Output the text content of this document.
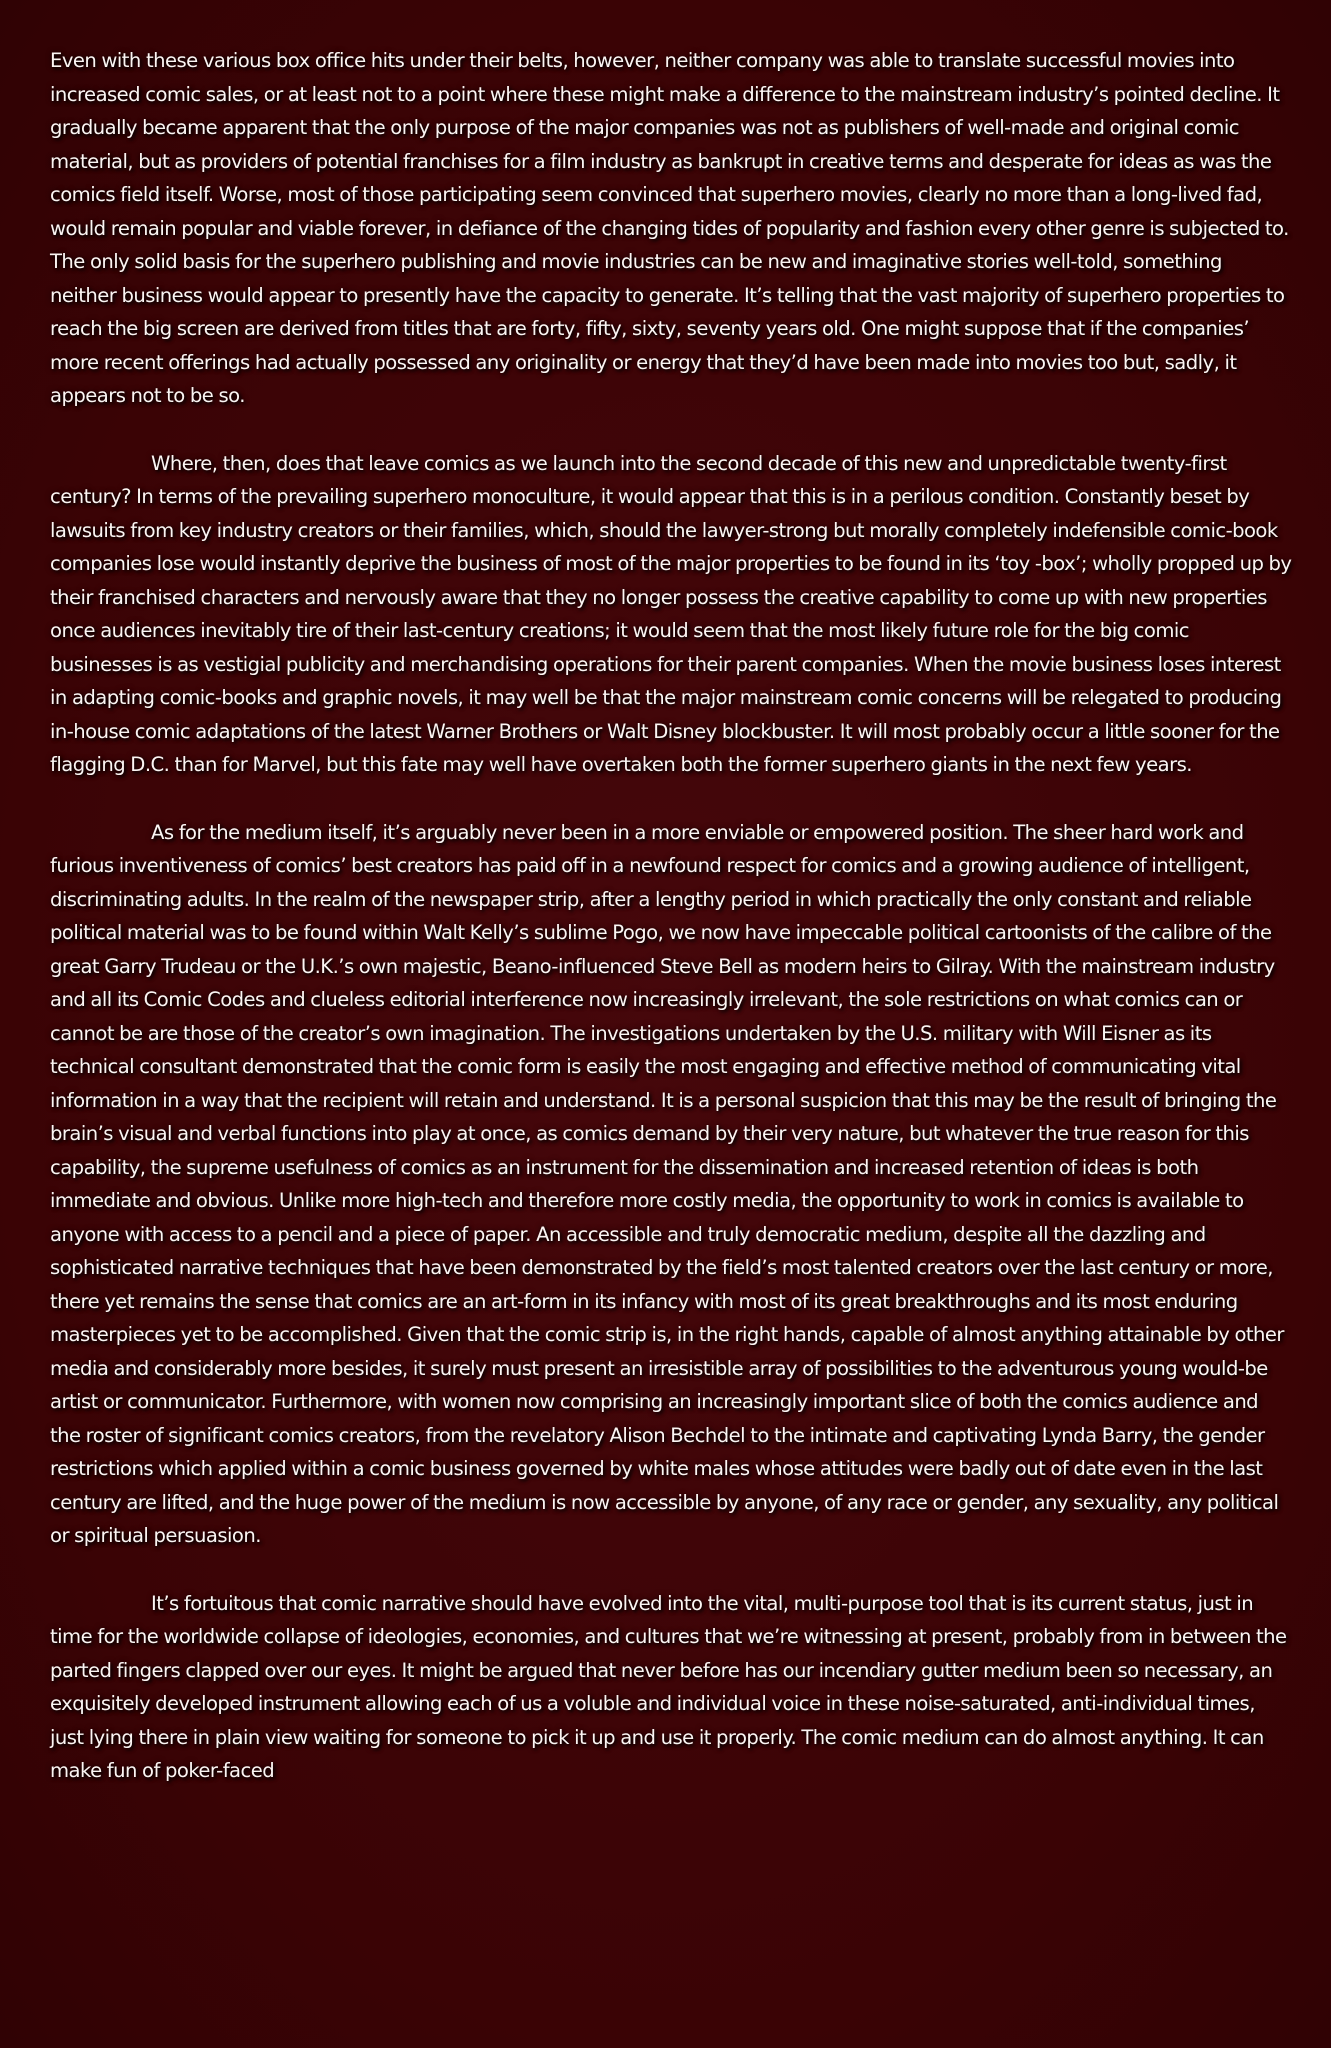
Even with these various box office hits under their belts, however, neither company was able to translate successful movies into increased comic sales, or at least not to a point where these might make a difference to the mainstream industry’s pointed decline. It gradually became apparent that the only purpose of the major companies was not as publishers of well-made and original comic material, but as providers of potential franchises for a film industry as bankrupt in creative terms and desperate for ideas as was the comics field itself. Worse, most of those participating seem convinced that superhero movies, clearly no more than a long-lived fad, would remain popular and viable forever, in defiance of the changing tides of popularity and fashion every other genre is subjected to. The only solid basis for the superhero publishing and movie industries can be new and imaginative stories well-told, something neither business would appear to presently have the capacity to generate. It’s telling that the vast majority of superhero properties to reach the big screen are derived from titles that are forty, fifty, sixty, seventy years old. One might suppose that if the companies’ more recent offerings had actually possessed any originality or energy that they’d have been made into movies too but, sadly, it appears not to be so.

Where, then, does that leave comics as we launch into the second decade of this new and unpredictable twenty-first century? In terms of the prevailing superhero monoculture, it would appear that this is in a perilous condition. Constantly beset by lawsuits from key industry creators or their families, which, should the lawyer-strong but morally completely indefensible comic-book companies lose would instantly deprive the business of most of the major properties to be found in its ‘toy -box’; wholly propped up by their franchised characters and nervously aware that they no longer possess the creative capability to come up with new properties once audiences inevitably tire of their last-century creations; it would seem that the most likely future role for the big comic businesses is as vestigial publicity and merchandising operations for their parent companies. When the movie business loses interest in adapting comic-books and graphic novels, it may well be that the major mainstream comic concerns will be relegated to producing in-house comic adaptations of the latest Warner Brothers or Walt Disney blockbuster. It will most probably occur a little sooner for the flagging D.C. than for Marvel, but this fate may well have overtaken both the former superhero giants in the next few years.

As for the medium itself, it’s arguably never been in a more enviable or empowered position. The sheer hard work and furious inventiveness of comics’ best creators has paid off in a newfound respect for comics and a growing audience of intelligent, discriminating adults. In the realm of the newspaper strip, after a lengthy period in which practically the only constant and reliable political material was to be found within Walt Kelly’s sublime Pogo, we now have impeccable political cartoonists of the calibre of the great Garry Trudeau or the U.K.’s own majestic, Beano-influenced Steve Bell as modern heirs to Gilray. With the mainstream industry and all its Comic Codes and clueless editorial interference now increasingly irrelevant, the sole restrictions on what comics can or cannot be are those of the creator’s own imagination. The investigations undertaken by the U.S. military with Will Eisner as its technical consultant demonstrated that the comic form is easily the most engaging and effective method of communicating vital information in a way that the recipient will retain and understand. It is a personal suspicion that this may be the result of bringing the brain’s visual and verbal functions into play at once, as comics demand by their very nature, but whatever the true reason for this capability, the supreme usefulness of comics as an instrument for the dissemination and increased retention of ideas is both immediate and obvious. Unlike more high-tech and therefore more costly media, the opportunity to work in comics is available to anyone with access to a pencil and a piece of paper. An accessible and truly democratic medium, despite all the dazzling and sophisticated narrative techniques that have been demonstrated by the field’s most talented creators over the last century or more, there yet remains the sense that comics are an art-form in its infancy with most of its great breakthroughs and its most enduring masterpieces yet to be accomplished. Given that the comic strip is, in the right hands, capable of almost anything attainable by other media and considerably more besides, it surely must present an irresistible array of possibilities to the adventurous young would-be artist or communicator. Furthermore, with women now comprising an increasingly important slice of both the comics audience and the roster of significant comics creators, from the revelatory Alison Bechdel to the intimate and captivating Lynda Barry, the gender restrictions which applied within a comic business governed by white males whose attitudes were badly out of date even in the last century are lifted, and the huge power of the medium is now accessible by anyone, of any race or gender, any sexuality, any political or spiritual persuasion.

It’s fortuitous that comic narrative should have evolved into the vital, multi-purpose tool that is its current status, just in time for the worldwide collapse of ideologies, economies, and cultures that we’re witnessing at present, probably from in between the parted fingers clapped over our eyes. It might be argued that never before has our incendiary gutter medium been so necessary, an exquisitely developed instrument allowing each of us a voluble and individual voice in these noise-saturated, anti-individual times, just lying there in plain view waiting for someone to pick it up and use it properly. The comic medium can do almost anything. It can make fun of poker-faced
